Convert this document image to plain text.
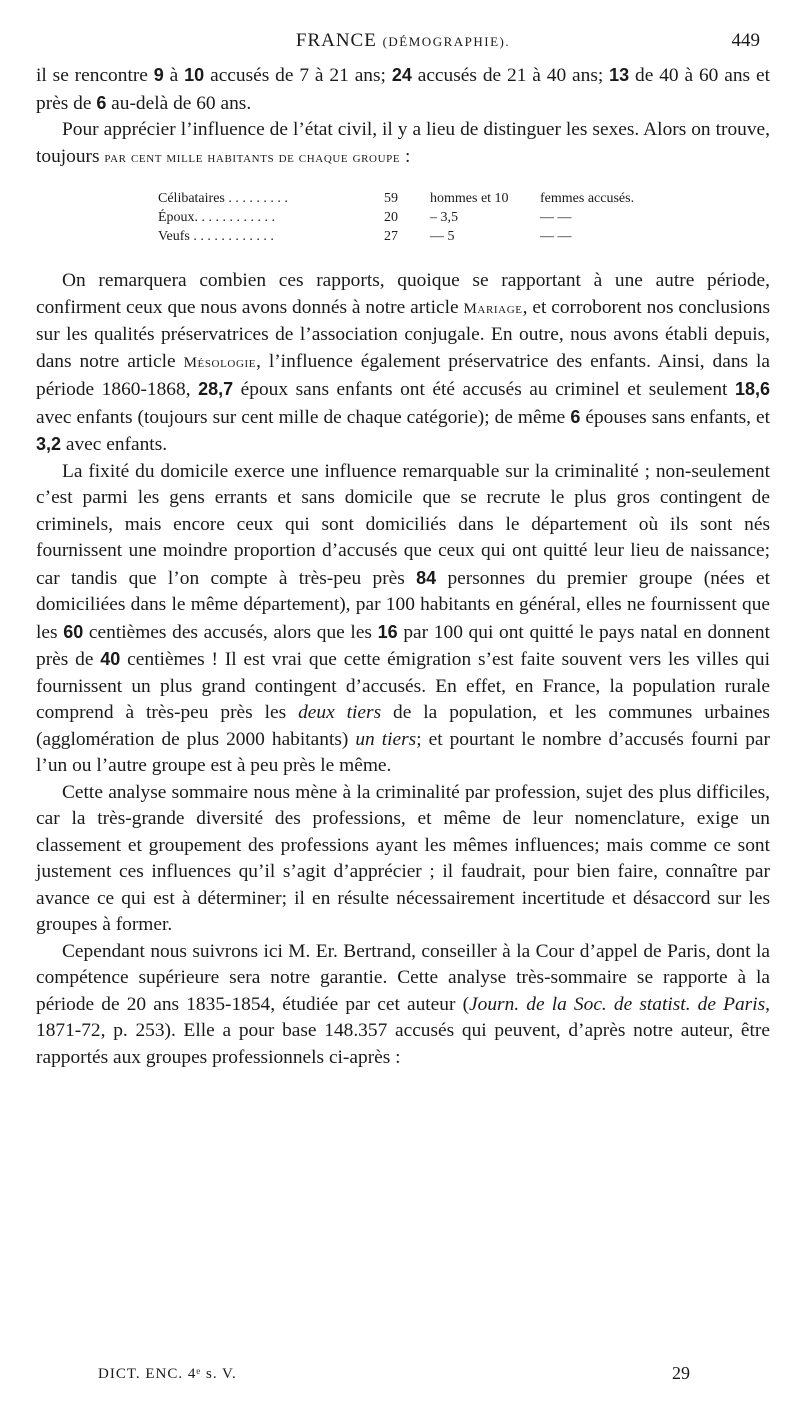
FRANCE (DÉMOGRAPHIE).	449

il se rencontre 9 à 10 accusés de 7 à 21 ans; 24 accusés de 21 à 40 ans; 13 de 40 à 60 ans et près de 6 au-delà de 60 ans.

Pour apprécier l’influence de l’état civil, il y a lieu de distinguer les sexes. Alors on trouve, toujours par cent mille habitants de chaque groupe :

Célibataires . . . . . . . . .	59	hommes et 10	femmes accusés.
Époux. . . . . . . . . . . .	20	– 3,5	— —
Veufs . . . . . . . . . . . .	27	— 5	— —

On remarquera combien ces rapports, quoique se rapportant à une autre période, confirment ceux que nous avons donnés à notre article Mariage, et corroborent nos conclusions sur les qualités préservatrices de l’association conjugale. En outre, nous avons établi depuis, dans notre article Mésologie, l’influence également préservatrice des enfants. Ainsi, dans la période 1860-1868, 28,7 époux sans enfants ont été accusés au criminel et seulement 18,6 avec enfants (toujours sur cent mille de chaque catégorie); de même 6 épouses sans enfants, et 3,2 avec enfants.

La fixité du domicile exerce une influence remarquable sur la criminalité ; non-seulement c’est parmi les gens errants et sans domicile que se recrute le plus gros contingent de criminels, mais encore ceux qui sont domiciliés dans le département où ils sont nés fournissent une moindre proportion d’accusés que ceux qui ont quitté leur lieu de naissance; car tandis que l’on compte à très-peu près 84 personnes du premier groupe (nées et domiciliées dans le même département), par 100 habitants en général, elles ne fournissent que les 60 centièmes des accusés, alors que les 16 par 100 qui ont quitté le pays natal en donnent près de 40 centièmes ! Il est vrai que cette émigration s’est faite souvent vers les villes qui fournissent un plus grand contingent d’accusés. En effet, en France, la population rurale comprend à très-peu près les deux tiers de la population, et les communes urbaines (agglomération de plus 2000 habitants) un tiers; et pourtant le nombre d’accusés fourni par l’un ou l’autre groupe est à peu près le même.

Cette analyse sommaire nous mène à la criminalité par profession, sujet des plus difficiles, car la très-grande diversité des professions, et même de leur nomenclature, exige un classement et groupement des professions ayant les mêmes influences; mais comme ce sont justement ces influences qu’il s’agit d’apprécier ; il faudrait, pour bien faire, connaître par avance ce qui est à déterminer; il en résulte nécessairement incertitude et désaccord sur les groupes à former.

Cependant nous suivrons ici M. Er. Bertrand, conseiller à la Cour d’appel de Paris, dont la compétence supérieure sera notre garantie. Cette analyse très-sommaire se rapporte à la période de 20 ans 1835-1854, étudiée par cet auteur (Journ. de la Soc. de statist. de Paris, 1871-72, p. 253). Elle a pour base 148.357 accusés qui peuvent, d’après notre auteur, être rapportés aux groupes professionnels ci-après :

DICT. ENC. 4ᵉ s. V.	29
